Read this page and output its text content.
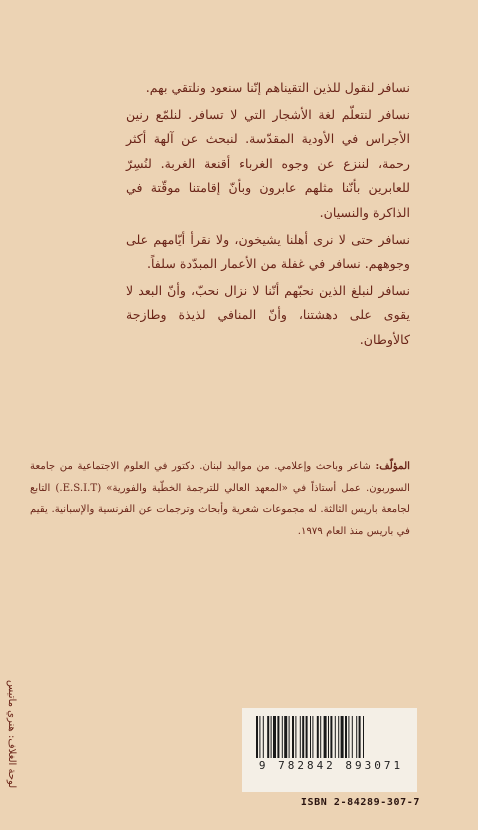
نسافر لنقول للذين التقيناهم إنّنا سنعود ونلتقي بهم.

نسافر لنتعلّم لغة الأشجار التي لا تسافر. لنلمّع رنين الأجراس في الأودية المقدّسة. لنبحث عن آلهة أكثر رحمة، لننزع عن وجوه الغرباء أقنعة الغربة. لنُسِرّ للعابرين بأنّنا مثلهم عابرون وبأنّ إقامتنا موقّتة في الذاكرة والنسيان.

نسافر حتى لا نرى أهلنا يشيخون، ولا نقرأ أيّامهم على وجوههم. نسافر في غفلة من الأعمار المبدّدة سلفاً.

نسافر لنبلغ الذين نحبّهم أنّنا لا نزال نحبّ، وأنّ البعد لا يقوى على دهشتنا، وأنّ المنافي لذيذة وطازجة كالأوطان.

المؤلّف: شاعر وباحث وإعلامي. من مواليد لبنان. دكتور في العلوم الاجتماعية من جامعة السوربون. عمل أستاذاً في «المعهد العالي للترجمة الخطّية والفورية» (E.S.I.T.) التابع لجامعة باريس الثالثة. له مجموعات شعرية وأبحاث وترجمات عن الفرنسية والإسبانية. يقيم في باريس منذ العام ١٩٧٩.
لوحة الغلاف: هنري ماتيس	9 782842 893071
ISBN 2-84289-307-7
